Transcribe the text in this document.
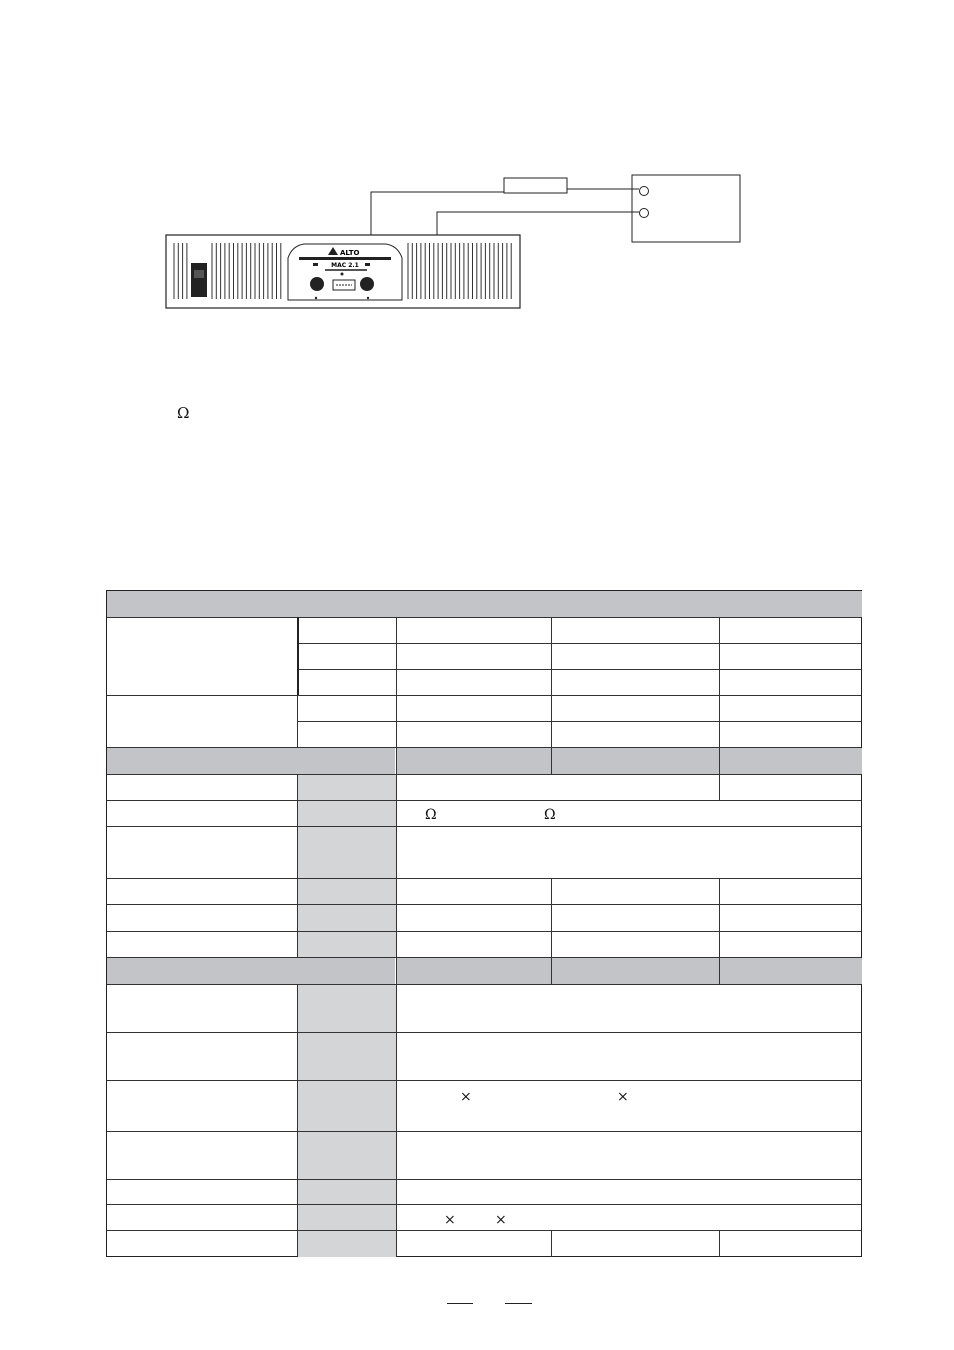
ALTO
MAC 2.1
Ω
Ω	Ω
×	×
×	×
